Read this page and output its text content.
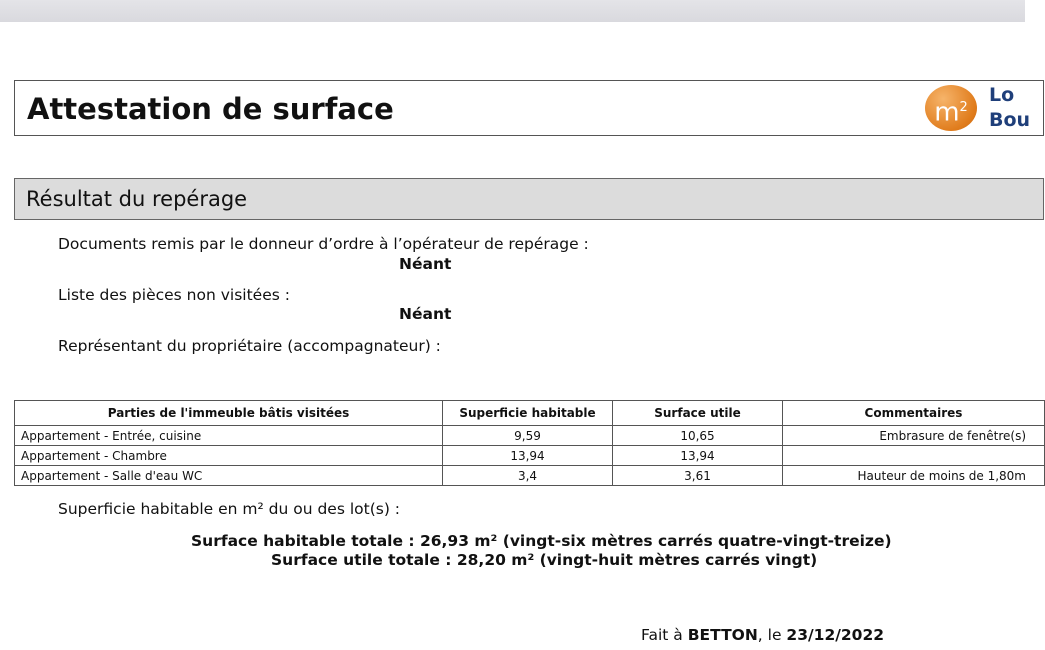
Attestation de surface	$m^2$
Lo
Bou
Résultat du repérage
Documents remis par le donneur d’ordre à l’opérateur de repérage :
Néant
Liste des pièces non visitées :
Néant
Représentant du propriétaire (accompagnateur) :
Parties de l'immeuble bâtis visitées	Superficie habitable	Surface utile	Commentaires
Appartement - Entrée, cuisine	9,59	10,65	Embrasure de fenêtre(s)
Appartement - Chambre	13,94	13,94	
Appartement - Salle d'eau WC	3,4	3,61	Hauteur de moins de 1,80m
Superficie habitable en m² du ou des lot(s) :
Surface habitable totale : 26,93 m² (vingt-six mètres carrés quatre-vingt-treize)
Surface utile totale : 28,20 m² (vingt-huit mètres carrés vingt)
Fait à BETTON, le 23/12/2022
